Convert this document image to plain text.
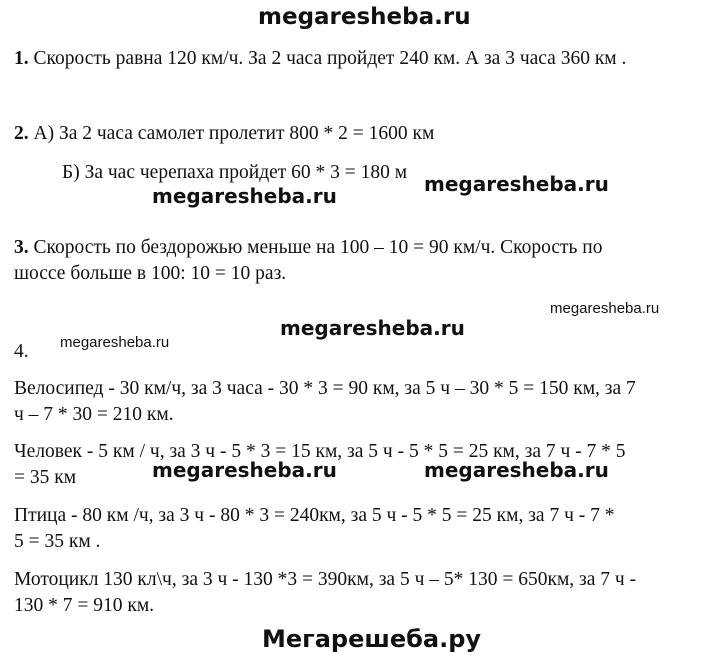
megaresheba.ru
1. Скорость равна 120 км/ч. За 2 часа пройдет 240 км. А за 3 часа 360 км .
2. А) За 2 часа самолет пролетит 800 * 2 = 1600 км
Б) За час черепаха пройдет 60 * 3 = 180 м megaresheba.ru
megaresheba.ru
3. Скорость по бездорожью меньше на 100 – 10 = 90 км/ч. Скорость по
шоссе больше в 100: 10 = 10 раз.
megaresheba.ru
megaresheba.ru
megaresheba.ru
4.
Велосипед - 30 км/ч, за 3 часа - 30 * 3 = 90 км, за 5 ч – 30 * 5 = 150 км, за 7
ч – 7 * 30 = 210 км.
Человек - 5 км / ч, за 3 ч - 5 * 3 = 15 км, за 5 ч - 5 * 5 = 25 км, за 7 ч - 7 * 5
= 35 км	megaresheba.ru	megaresheba.ru
Птица - 80 км /ч, за 3 ч - 80 * 3 = 240км, за 5 ч - 5 * 5 = 25 км, за 7 ч - 7 *
5 = 35 км .
Мотоцикл 130 кл\ч, за 3 ч - 130 *3 = 390км, за 5 ч – 5* 130 = 650км, за 7 ч -
130 * 7 = 910 км.
Мегарешеба.ру
